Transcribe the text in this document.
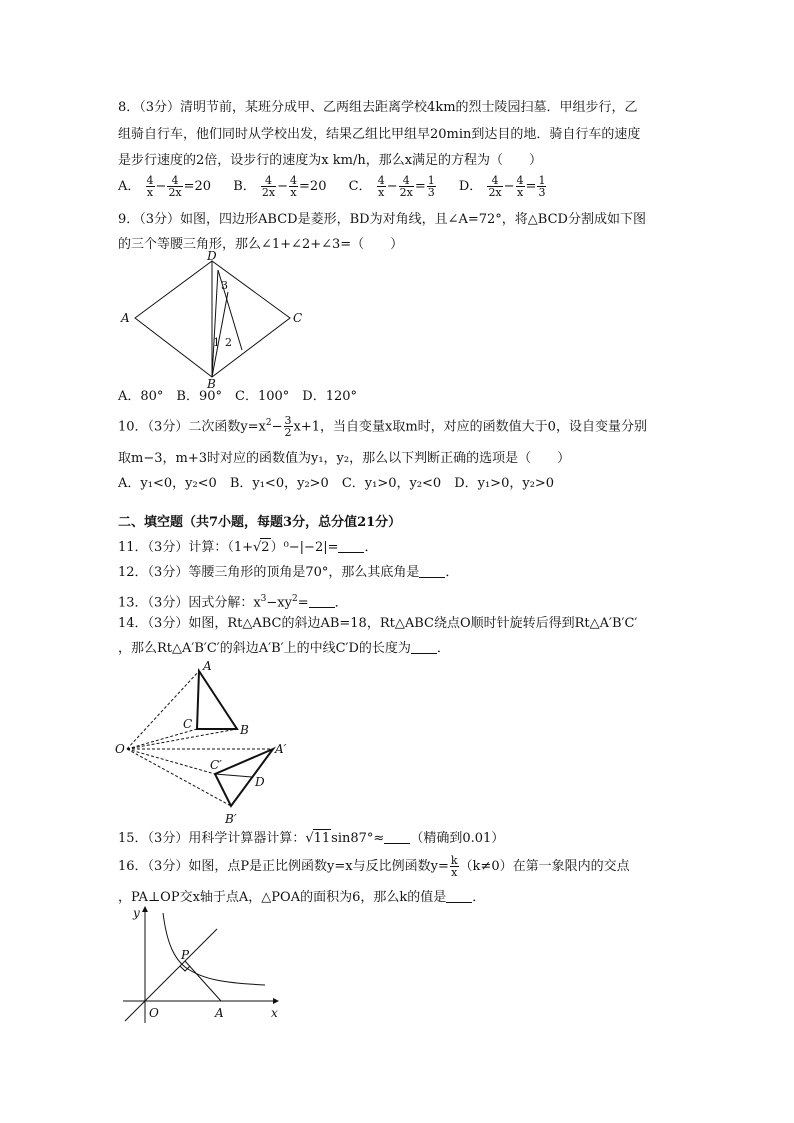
8．（3分）清明节前，某班分成甲、乙两组去距离学校4km的烈士陵园扫墓．甲组步行，乙
组骑自行车，他们同时从学校出发，结果乙组比甲组早20min到达目的地．骑自行车的速度
是步行速度的2倍，设步行的速度为x km/h，那么x满足的方程为（　　）
A． $\frac{4}{x} - \frac{4}{2x} =20$ B． $\frac{4}{2x} - \frac{4}{x} =20$ C． $\frac{4}{x} - \frac{4}{2x} = \frac{1}{3}$ D． $\frac{4}{2x} - \frac{4}{x} = \frac{1}{3}$
9．（3分）如图，四边形ABCD是菱形，BD为对角线，且∠A=72°，将△BCD分割成如下图
的三个等腰三角形，那么∠1+∠2+∠3=（　　）
A
D
C
B
1 2
3
A．80°　B．90°　C．100°　D．120°
10．（3分）二次函数$y=x^2- \frac{3}{2} x+1$，当自变量x取m时，对应的函数值大于0，设自变量分别
取m−3，m+3时对应的函数值为y₁，y₂，那么以下判断正确的选项是（　　）
A．y₁<0，y₂<0　B．y₁<0，y₂>0　C．y₁>0，y₂<0　D．y₁>0，y₂>0
二、填空题（共7小题，每题3分，总分值21分）
11．（3分）计算：（1+√2）⁰−|−2|= ．
12．（3分）等腰三角形的顶角是70°，那么其底角是 ．
13．（3分）因式分解：$x^3-xy^2=$ ．
14．（3分）如图，Rt△ABC的斜边AB=18，Rt△ABC绕点O顺时针旋转后得到Rt△A′B′C′
，那么Rt△A′B′C′的斜边A′B′上的中线C′D的长度为 ．
O
A
C	B
A′
C′
D
B′
15．（3分）用科学计算器计算：√11sin87°≈ （精确到0.01）
16．（3分）如图，点P是正比例函数y=x与反比例函数$y= \frac{k}{x} (k\ne 0)$在第一象限内的交点
，PA⊥OP交x轴于点A，△POA的面积为6，那么k的值是 ．
y
x
O	A
P
